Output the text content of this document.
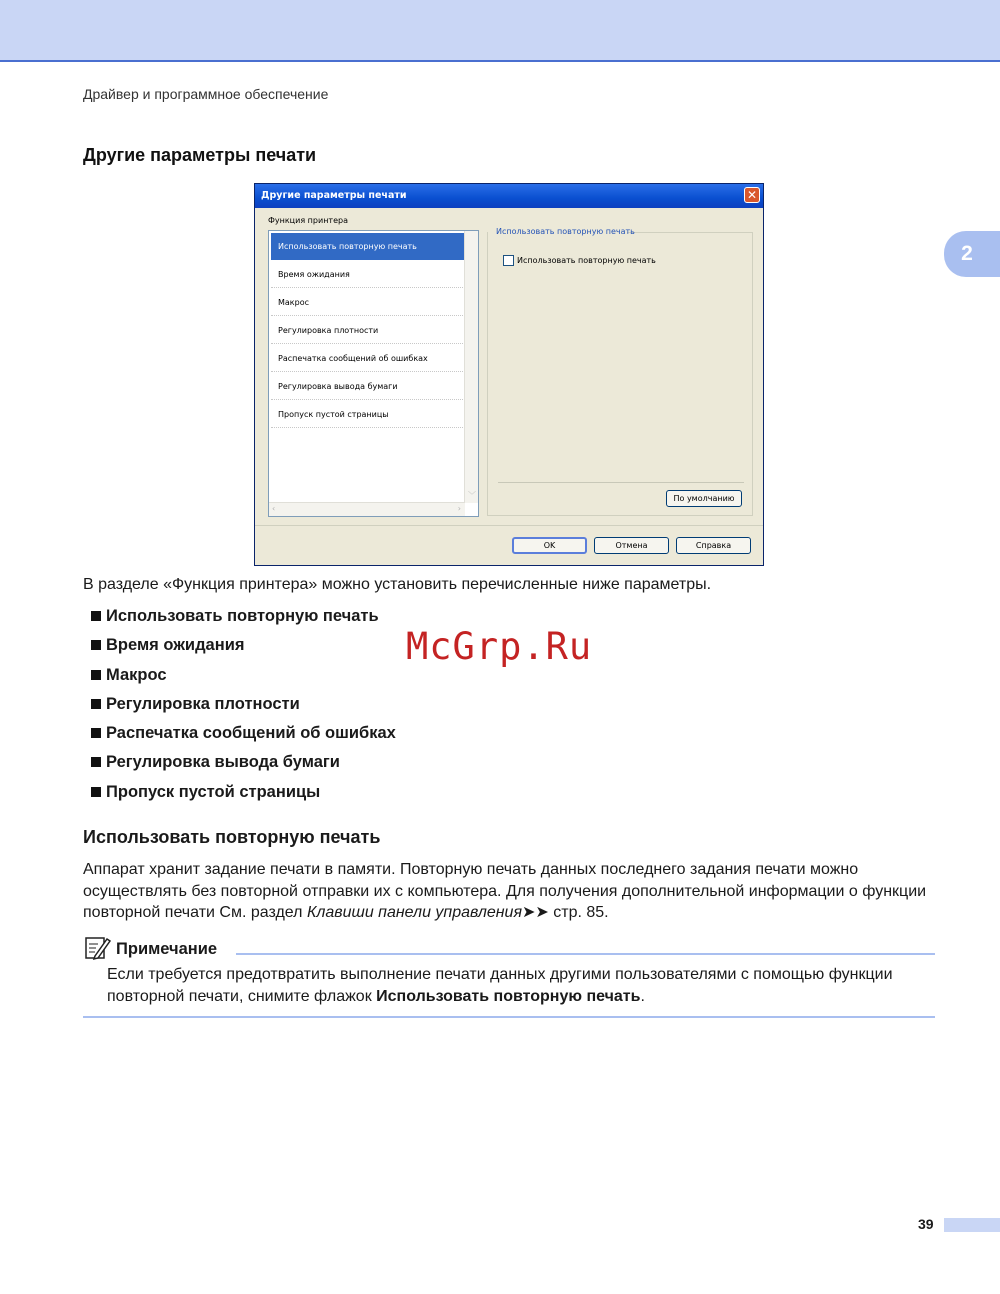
Драйвер и программное обеспечение
2
Другие параметры печати
Другие параметры печати	✕
Функция принтера
Использовать повторную печать
Время ожидания
Макрос
Регулировка плотности
Распечатка сообщений об ошибках
Регулировка вывода бумаги
Пропуск пустой страницы
﹀
‹	›
Использовать повторную печать
Использовать повторную печать
По умолчанию
OK	Отмена	Справка
В разделе «Функция принтера» можно установить перечисленные ниже параметры.
Использовать повторную печать
Время ожидания
Макрос
Регулировка плотности
Распечатка сообщений об ошибках
Регулировка вывода бумаги
Пропуск пустой страницы
McGrp.Ru
Использовать повторную печать
Аппарат хранит задание печати в памяти. Повторную печать данных последнего задания печати можно осуществлять без повторной отправки их с компьютера. Для получения дополнительной информации о функции повторной печати См. раздел Клавиши панели управления➤➤ стр. 85.
Примечание
Если требуется предотвратить выполнение печати данных другими пользователями с помощью функции повторной печати, снимите флажок Использовать повторную печать.
39
